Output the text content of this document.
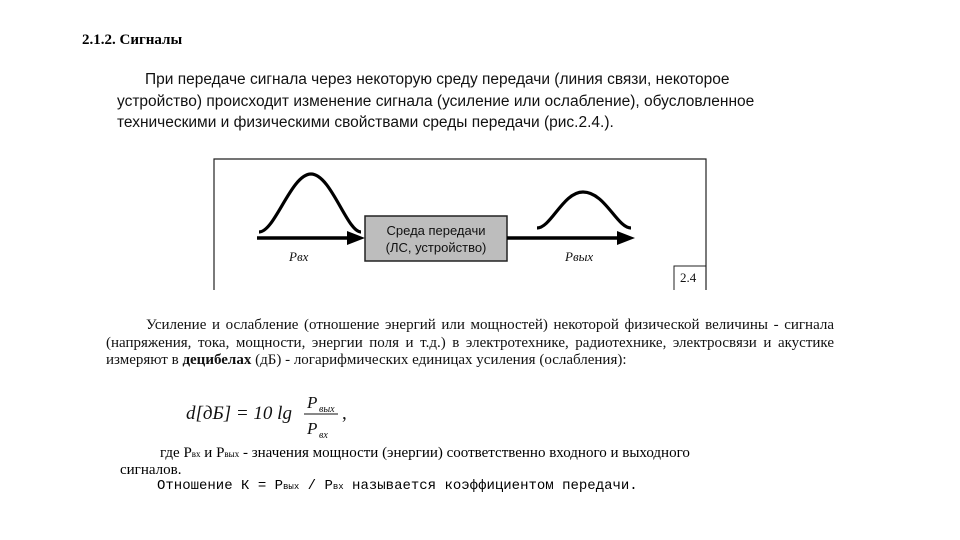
2.1.2. Сигналы
При передаче сигнала через некоторую среду передачи (линия связи, некоторое
устройство) происходит изменение сигнала (усиление или ослабление), обусловленное
техническими и физическими свойствами среды передачи (рис.2.4.).
2.4
Рвх
Среда передачи
(ЛС, устройство)
Рвых
Усиление и ослабление (отношение энергий или мощностей) некоторой физической величины - сигнала (напряжения, тока, мощности, энергии поля и т.д.) в электротехнике, радиотехнике, электросвязи и акустике измеряют в децибелах (дБ) - логарифмических единицах усиления (ослабления):
d[дБ] = 10 lg
P вых
P вх
,
где Рвх и Рвых - значения мощности (энергии) соответственно входного и выходного
сигналов.
Отношение К = Рвых / Рвх называется коэффициентом передачи.
